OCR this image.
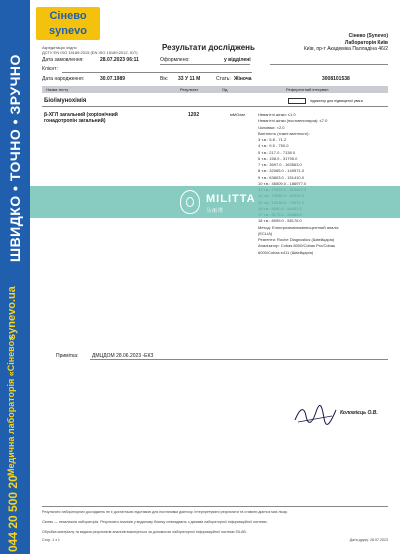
ШВИДКО • ТОЧНО • ЗРУЧНО
synevo.ua
Медична лабораторія «Сінево»
044 20 500 20
Сінево
synevo
Акредитація згідно
ДСТУ EN ISO 15189:2015 (EN ISO 15189:2012, IDT)
Результати досліджень
Сінево (Synevo)
Лабораторія Київ
Київ, пр-т Академіка Палладіна 46/2
Дата замовлення:	28.07.2023 06:11	Оформлено:	у відділені
Клієнт:
Дата народження:	30.07.1989	Вік: 33 У 11 М	Стать: Жіноча	3008101538
Назва тесту	Результат	Од.	Референтний інтервал
Біо/імунохімія	індикатор для підвищеної уваги
β-ХГЛ загальний (хоріонічний
гонадотропін загальний)
1202	мМО/мл	Невагітні жінки: ≤1.0
Невагітні жінки (постменопауза): ≤7.0
Чоловіки: <2.0
Вагітність (тижні вагітності):
3 т.в.: 5.8 - 71.2
4 т.в.: 9.5 - 750.0
5 т.в.: 217.0 - 7138.0
6 т.в.: 158.0 - 31795.0
7 т.в.: 3697.0 - 163563.0
8 т.в.: 32065.0 - 149571.0
9 т.в.: 63803.0 - 151410.0
10 т.в.: 46509.0 - 186977.0
18 т.в.: 8099.0 - 58176.0
Метод: Електрохемілюмінесцентний аналіз
(ECLIA)
Реагенти: Roche Diagnostics (Швейцарія)
Аналізатор: Cobas 8000/Cobas Pro/Cobas
6000/Cobas e411 (Швейцарія)
MILITTA
马丽塔
Примітка:	ДМЦДОМ 28.06.2023 -ЕКЗ
Коломієць О.В.
Результати лабораторних досліджень не є достатньою підставою для постановки діагнозу. Інтерпретувати результати та ставити діагноз має лікар.
Сінево — незалежна лабораторія. Результати аналізів у виданому бланку співпадають з даними лабораторної інформаційної системи.
Обробка матеріалу та видача результатів аналізів виконується за допомогою лабораторної інформаційної системи SILAB.
Стор. 1 з 1	Дата друку: 28.07.2023
